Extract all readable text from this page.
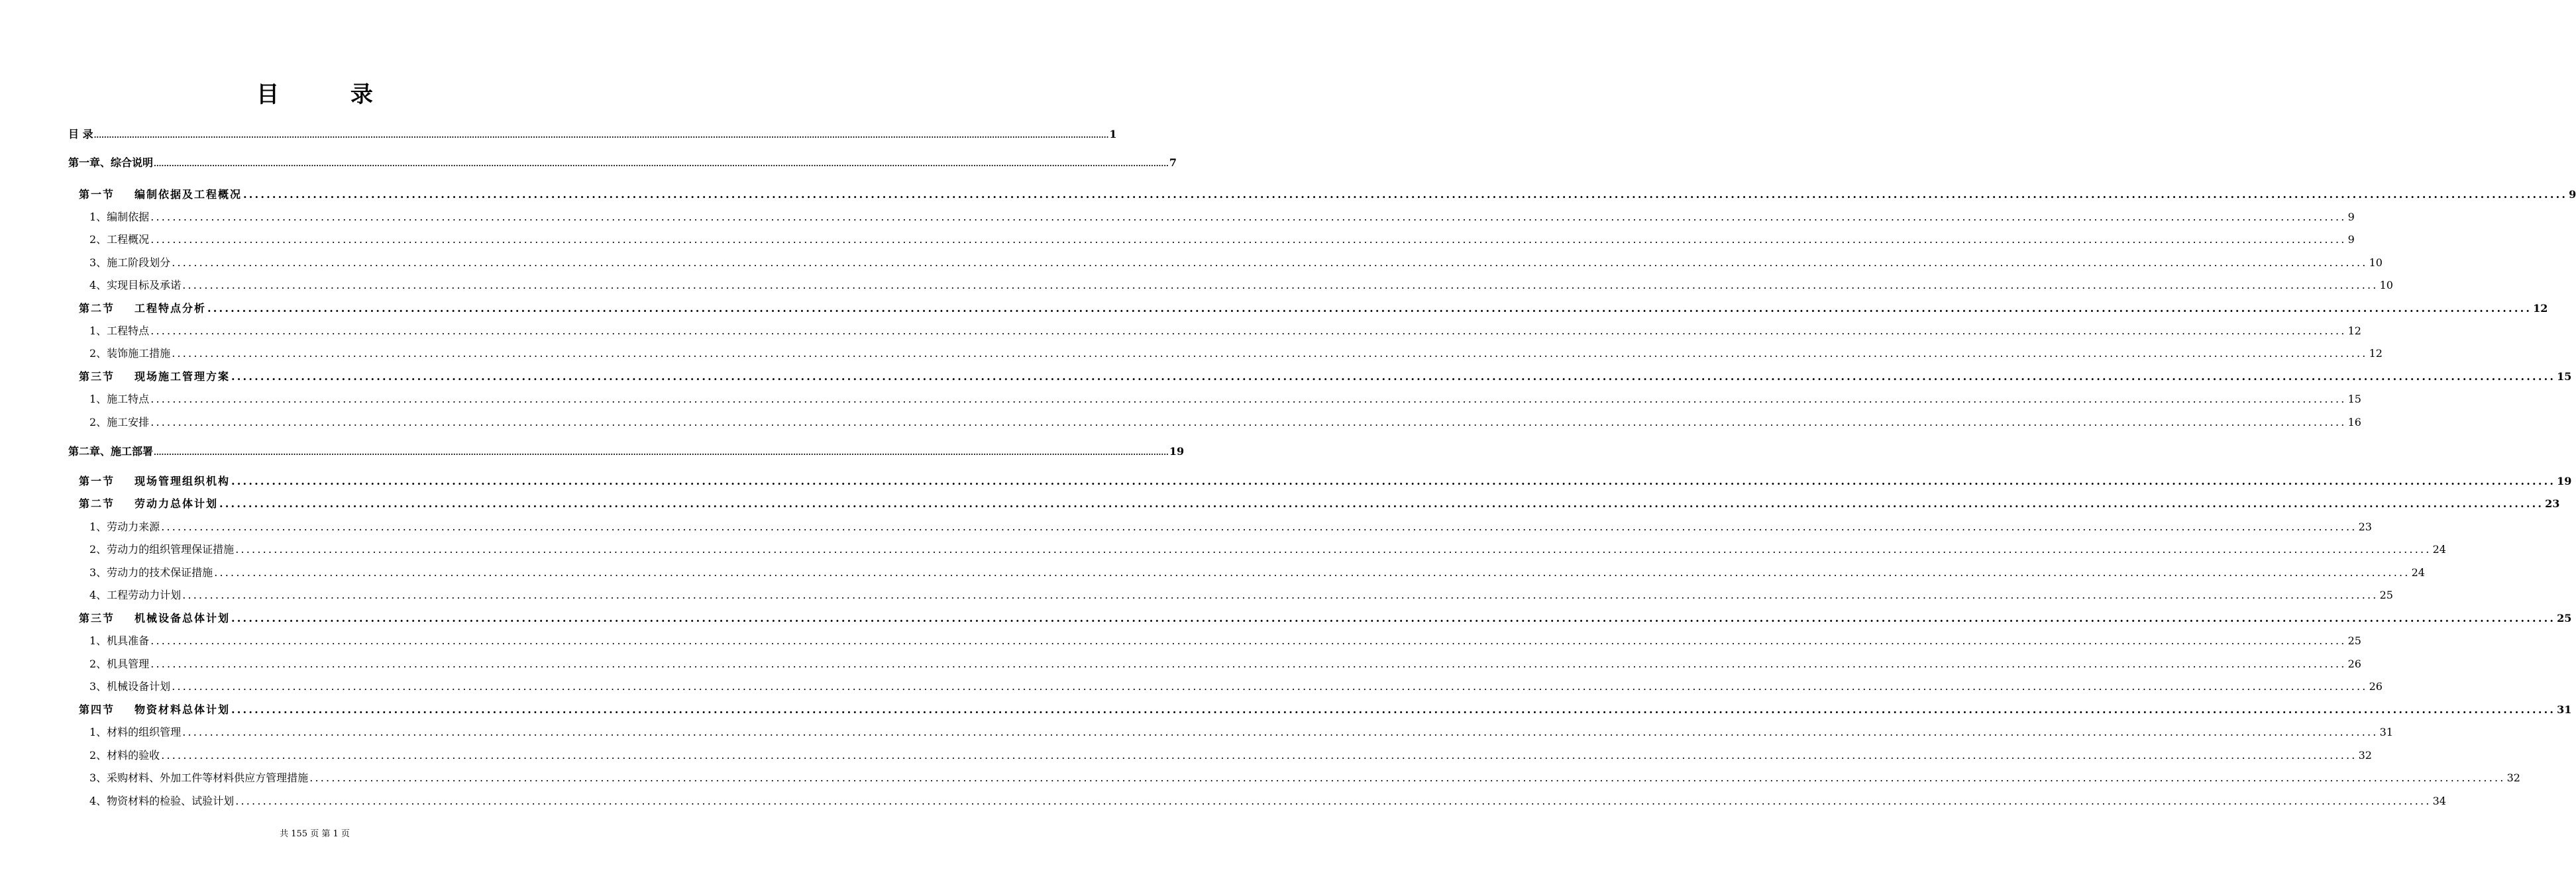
目 录
目 录 ................................................................................................................................................................................................................................................................................................................................................................................................................ 1
第一章、综合说明 ................................................................................................................................................................................................................................................................................................................................................................................................................ 7
第一节 编制依据及工程概况 ................................................................................................................................................................................................................................................................................................................................................................................................................ 9
1、编制依据 ................................................................................................................................................................................................................................................................................................................................................................................................................ 9
2、工程概况 ................................................................................................................................................................................................................................................................................................................................................................................................................ 9
3、施工阶段划分 ................................................................................................................................................................................................................................................................................................................................................................................................................ 10
4、实现目标及承诺 ................................................................................................................................................................................................................................................................................................................................................................................................................ 10
第二节 工程特点分析 ................................................................................................................................................................................................................................................................................................................................................................................................................ 12
1、工程特点 ................................................................................................................................................................................................................................................................................................................................................................................................................ 12
2、装饰施工措施 ................................................................................................................................................................................................................................................................................................................................................................................................................ 12
第三节 现场施工管理方案 ................................................................................................................................................................................................................................................................................................................................................................................................................ 15
1、施工特点 ................................................................................................................................................................................................................................................................................................................................................................................................................ 15
2、施工安排 ................................................................................................................................................................................................................................................................................................................................................................................................................ 16
第二章、施工部署 ................................................................................................................................................................................................................................................................................................................................................................................................................ 19
第一节 现场管理组织机构 ................................................................................................................................................................................................................................................................................................................................................................................................................ 19
第二节 劳动力总体计划 ................................................................................................................................................................................................................................................................................................................................................................................................................ 23
1、劳动力来源 ................................................................................................................................................................................................................................................................................................................................................................................................................ 23
2、劳动力的组织管理保证措施 ................................................................................................................................................................................................................................................................................................................................................................................................................ 24
3、劳动力的技术保证措施 ................................................................................................................................................................................................................................................................................................................................................................................................................ 24
4、工程劳动力计划 ................................................................................................................................................................................................................................................................................................................................................................................................................ 25
第三节 机械设备总体计划 ................................................................................................................................................................................................................................................................................................................................................................................................................ 25
1、机具准备 ................................................................................................................................................................................................................................................................................................................................................................................................................ 25
2、机具管理 ................................................................................................................................................................................................................................................................................................................................................................................................................ 26
3、机械设备计划 ................................................................................................................................................................................................................................................................................................................................................................................................................ 26
第四节 物资材料总体计划 ................................................................................................................................................................................................................................................................................................................................................................................................................ 31
1、材料的组织管理 ................................................................................................................................................................................................................................................................................................................................................................................................................ 31
2、材料的验收 ................................................................................................................................................................................................................................................................................................................................................................................................................ 32
3、采购材料、外加工件等材料供应方管理措施 ................................................................................................................................................................................................................................................................................................................................................................................................................ 32
4、物资材料的检验、试验计划 ................................................................................................................................................................................................................................................................................................................................................................................................................ 34
共 155 页 第 1 页
